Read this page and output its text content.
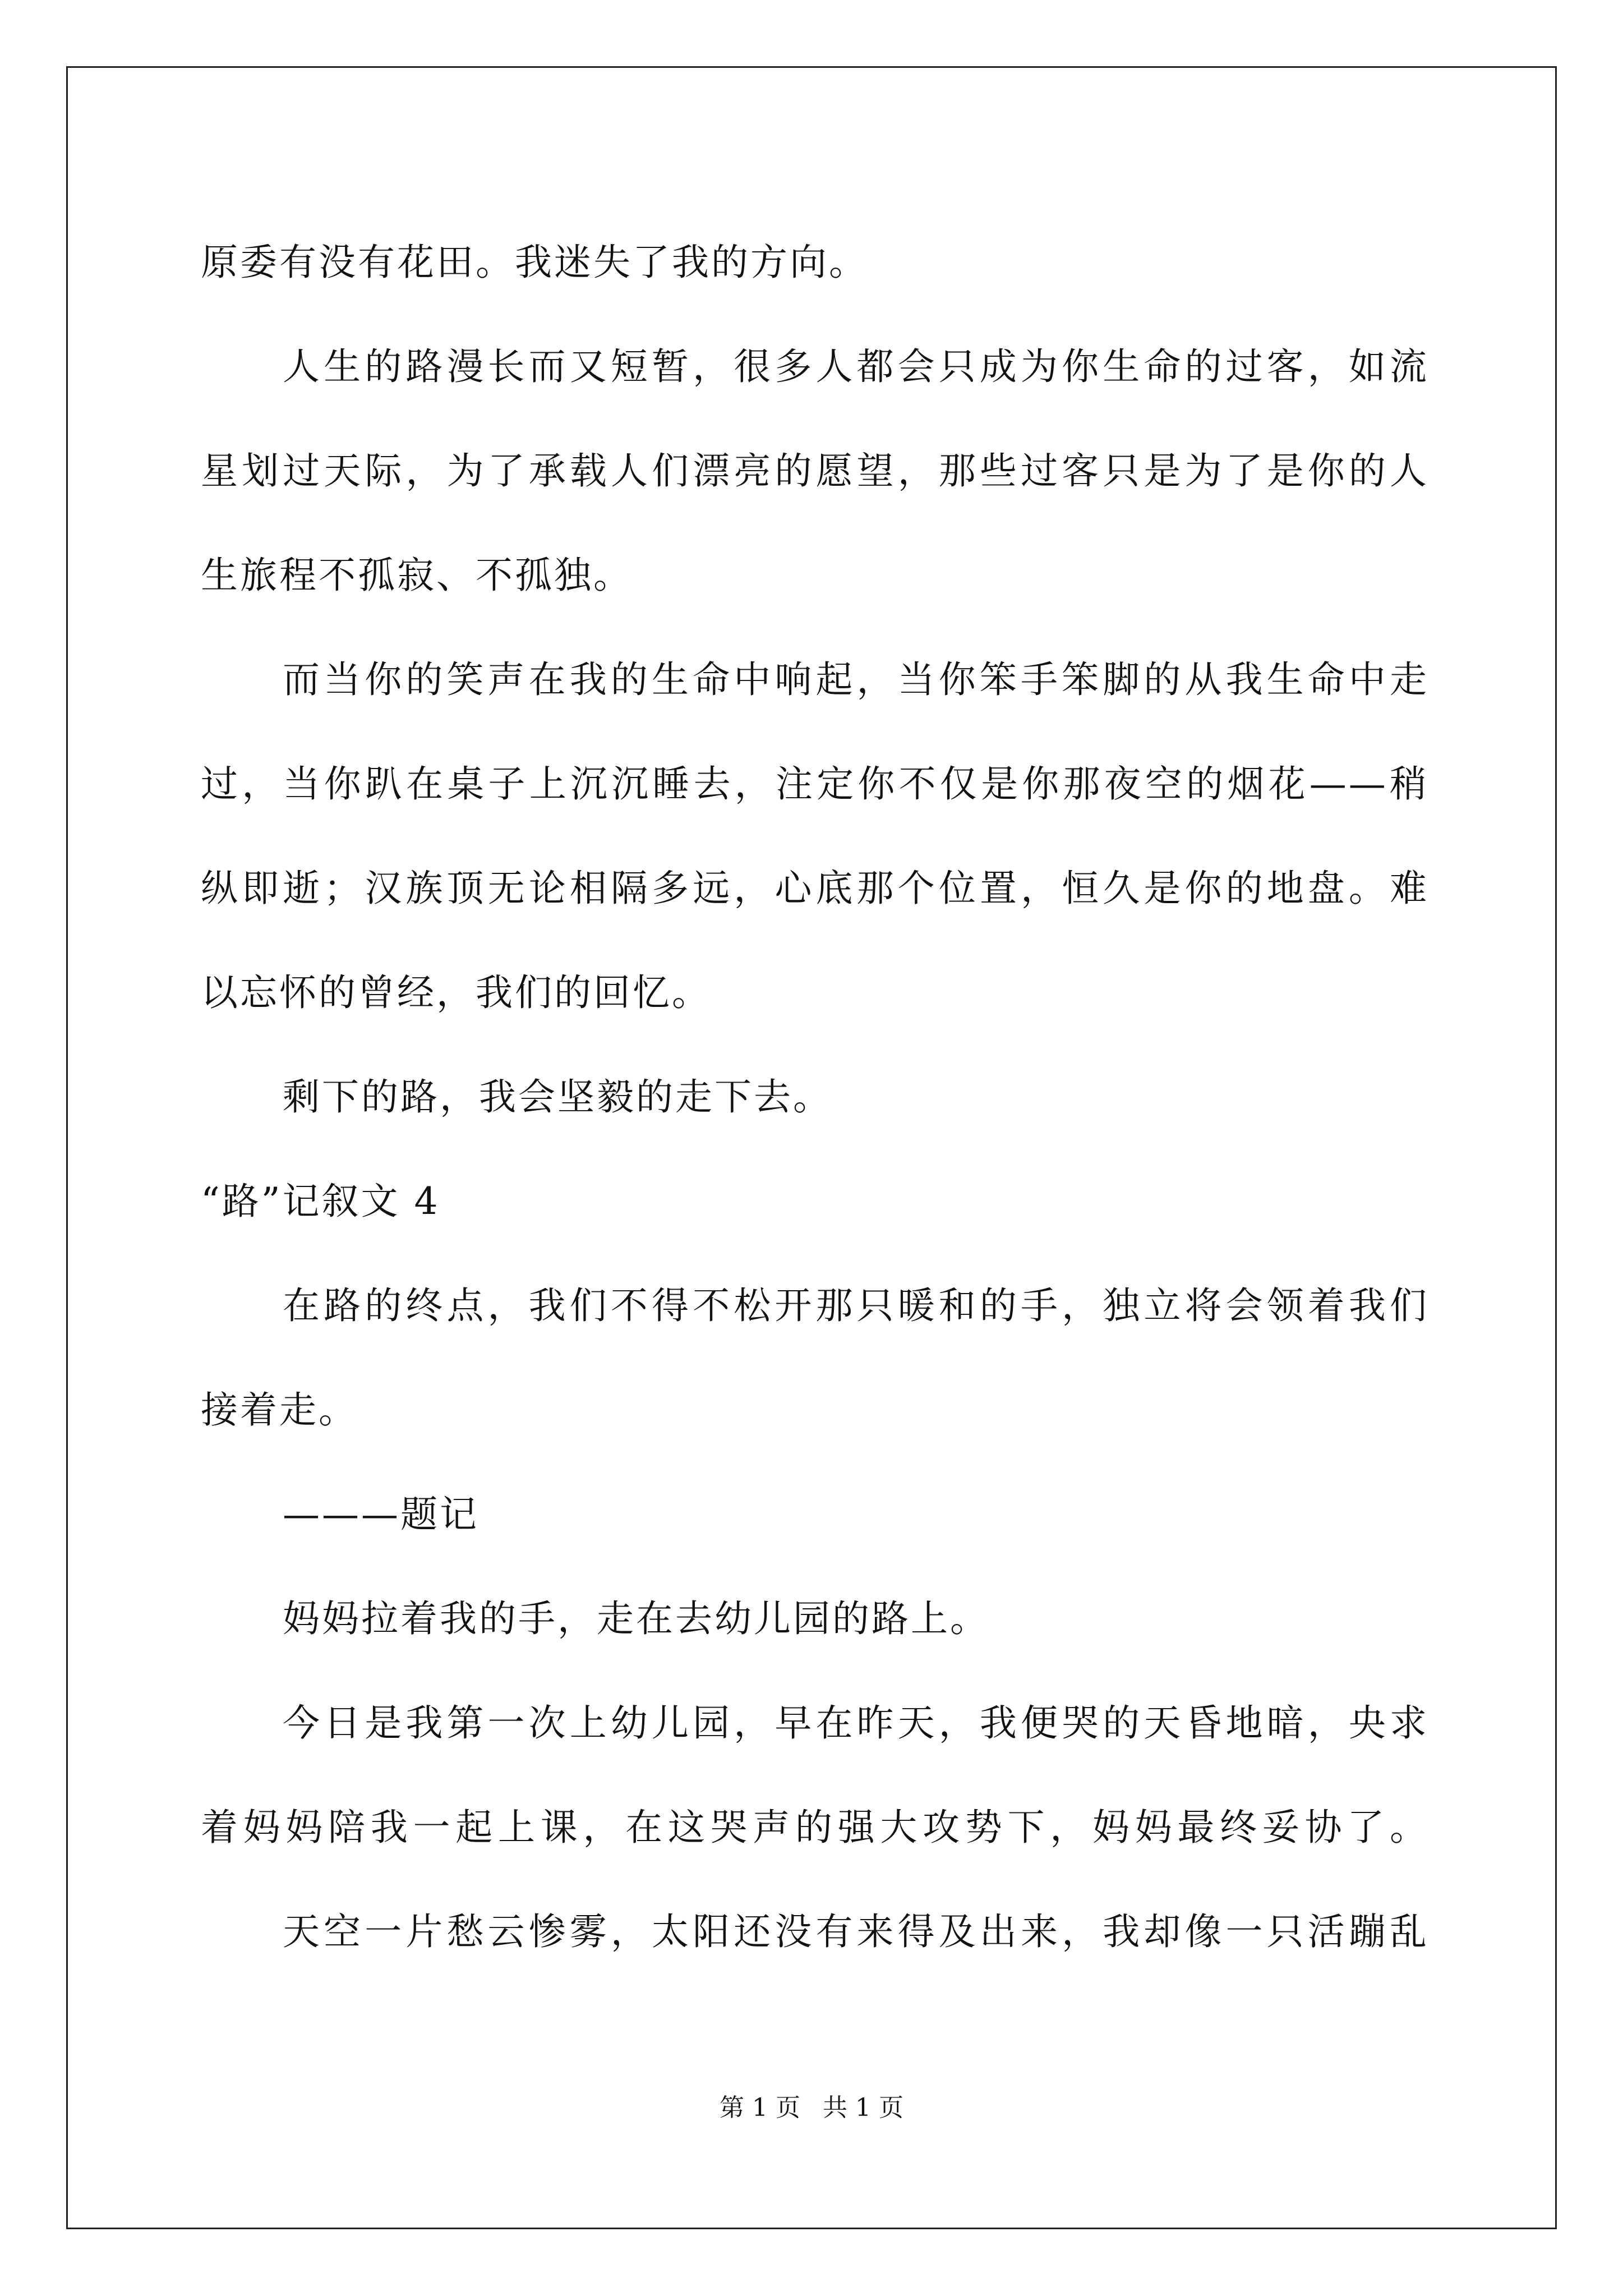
原委有没有花田。我迷失了我的方向。
人生的路漫长而又短暂，很多人都会只成为你生命的过客，如流
星划过天际，为了承载人们漂亮的愿望，那些过客只是为了是你的人
生旅程不孤寂、不孤独。
而当你的笑声在我的生命中响起，当你笨手笨脚的从我生命中走
过，当你趴在桌子上沉沉睡去，注定你不仅是你那夜空的烟花——稍
纵即逝；汉族顶无论相隔多远，心底那个位置，恒久是你的地盘。难
以忘怀的曾经，我们的回忆。
剩下的路，我会坚毅的走下去。
“路”记叙文 4
在路的终点，我们不得不松开那只暖和的手，独立将会领着我们
接着走。
———题记
妈妈拉着我的手，走在去幼儿园的路上。
今日是我第一次上幼儿园，早在昨天，我便哭的天昏地暗，央求
着妈妈陪我一起上课，在这哭声的强大攻势下，妈妈最终妥协了。
天空一片愁云惨雾，太阳还没有来得及出来，我却像一只活蹦乱
第 1 页 共 1 页
